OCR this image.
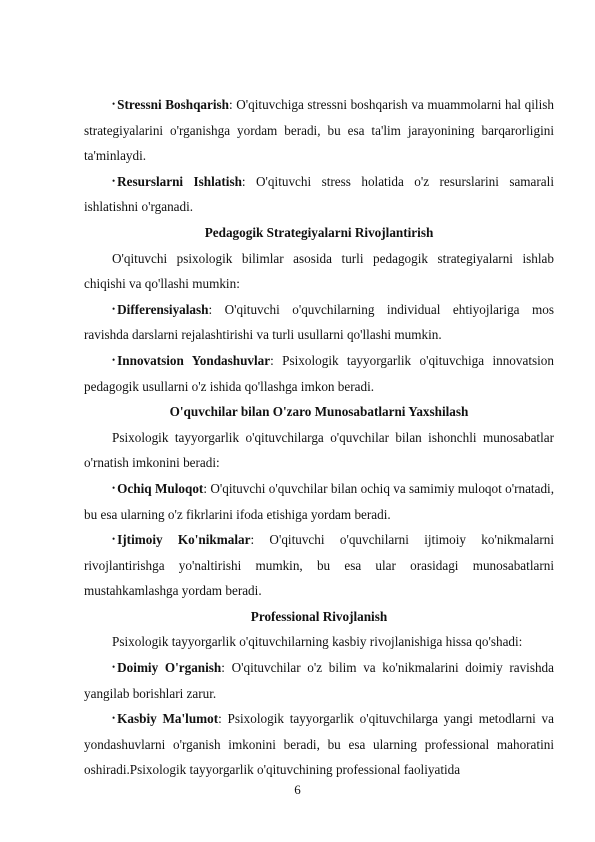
• Stressni Boshqarish: O'qituvchiga stressni boshqarish va muammolarni hal qilish strategiyalarini o'rganishga yordam beradi, bu esa ta'lim jarayonining barqarorligini ta'minlaydi.

• Resurslarni Ishlatish: O'qituvchi stress holatida o'z resurslarini samarali ishlatishni o'rganadi.

Pedagogik Strategiyalarni Rivojlantirish

O'qituvchi psixologik bilimlar asosida turli pedagogik strategiyalarni ishlab chiqishi va qo'llashi mumkin:

• Differensiyalash: O'qituvchi o'quvchilarning individual ehtiyojlariga mos ravishda darslarni rejalashtirishi va turli usullarni qo'llashi mumkin.

• Innovatsion Yondashuvlar: Psixologik tayyorgarlik o'qituvchiga innovatsion pedagogik usullarni o'z ishida qo'llashga imkon beradi.

O'quvchilar bilan O'zaro Munosabatlarni Yaxshilash

Psixologik tayyorgarlik o'qituvchilarga o'quvchilar bilan ishonchli munosabatlar o'rnatish imkonini beradi:

• Ochiq Muloqot: O'qituvchi o'quvchilar bilan ochiq va samimiy muloqot o'rnatadi, bu esa ularning o'z fikrlarini ifoda etishiga yordam beradi.

• Ijtimoiy Ko'nikmalar: O'qituvchi o'quvchilarni ijtimoiy ko'nikmalarni rivojlantirishga yo'naltirishi mumkin, bu esa ular orasidagi munosabatlarni mustahkamlashga yordam beradi.

Professional Rivojlanish

Psixologik tayyorgarlik o'qituvchilarning kasbiy rivojlanishiga hissa qo'shadi:

• Doimiy O'rganish: O'qituvchilar o'z bilim va ko'nikmalarini doimiy ravishda yangilab borishlari zarur.

• Kasbiy Ma'lumot: Psixologik tayyorgarlik o'qituvchilarga yangi metodlarni va yondashuvlarni o'rganish imkonini beradi, bu esa ularning professional mahoratini oshiradi.Psixologik tayyorgarlik o'qituvchining professional faoliyatida

6
